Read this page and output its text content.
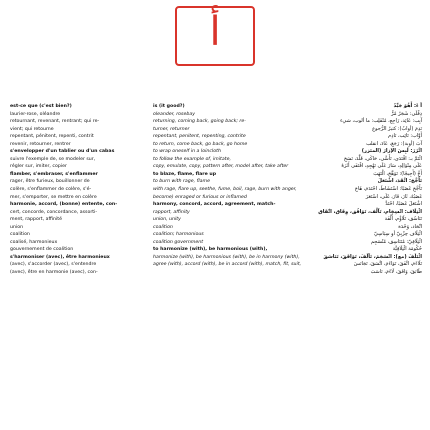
أ
est-ce que (c'est bien?)
laurier-rose, oléandre
retournant, revenant, rentrant; qui re-
vient; qui retourne
repentant, pénitent, repenti, contrit
revenir, retourner, rentrer
s'envelopper d'un tablier ou d'un cabas
suivre l'exemple de, se modeler sur,
régler sur, imiter, copier
flamber, s'embraser, s'enflammer
rager, être furieux, bouillonner de
colère, s'enflammer de colère, s'é-
mer, s'emporter, se mettre en colère
harmonie, accord, (bonne) entente, con-
cert, concorde, concordance, assorti-
ment, rapport, affinité
union
coalition
coalisé, harmonieux
gouvernement de coalition
s'harmoniser (avec), être harmonieux
(avec), s'accorder (avec), s'entendre
(avec), être en harmonie (avec), con-
is (it good?)
oleander, rosebay
returning, coming back, going back; re-
turner, returner
repentant, penitent, repenting, contrite
to return, come back, go back, go home
to wrap oneself in a loincloth
to follow the example of, imitate,
copy, emulate, copy, pattern after, model after, take after
to blaze, flame, flare up
to burn with rage, flame
with rage, flare up, seethe, fume, boil, rage, burn with anger,
become) enraged or furious or inflamed
harmony, concord, accord, agreement, match-
rapport, affinity
union, unity
coalition
coalition; harmonious
coalition government
to harmonize (with), be harmonious (with),
harmonize (with), be harmonious (with), be in harmony (with),
agree (with), accord (with), be in accord (with), match, fit, suit,
أ ءَ: أَهُوَ جَيِّدٌ
دِفْلَى: شَجَرٌ مُرٌّ
آيِب: عَائِد، رَاجِع، مُنْقَلِب: ما ألوب، شيء
نَدِمَ (أوابُ): كثيرُ الرُّجوع
أَوَّاب: تَائِب، نَادِم
آبَ (أوبة): رَجَعَ، عَادَ، انقلب
اتَّزَرَ: لَبِسَ الإزارَ (المئزر)
ائْتَمَّ بـ: اقْتَدَى، تَأَسَّى، حَاكَى، قَلَّدَ، نَسَجَ
عَلَى مِنْوَالِهِ، سَارَ عَلَى نَهْجِهِ، اقْتَفَى أَثَرَهُ
أَجَّ (أَجِيجًا): تَوَهَّجَ، الْتَهَبَ
تَأَجَّجَ: اتَّقَدَ، اشْتَعَلَ
تَأَجَّجَ غَضَبًا: اسْتَشَاطَ، احْتَدَمَ، هَاجَ
غَضَبُهُ، ثَارَ، فَارَ، غَلَى، اسْتَعَرَ
اشْتَعَلَ غَضَبًا، احْتَدَّ
ائْتِلَاف: انْسِجَام، تَآلُف، تَوَافُق، وِفَاق، اتِّفَاق
تَنَاسُق، تَلَاؤُم، أُلْفَة
اتِّحَاد، وَحْدَة
ائْتِلَاف حِزْبِيّ أو سِيَاسِيّ
ائْتِلَافِيّ: مُتَنَاسِق، مُنْسَجِم
حُكُومَة ائْتِلَافِيَّة
ائْتَلَفَ (مع): انْسَجَمَ، تَآلَفَ، تَوَافَقَ، تَنَاسَقَ
تَلَاءَمَ، اتَّفَقَ، تَوَاءَمَ، اتَّسَقَ، تَجَانَسَ
طَابَقَ، وَافَقَ، لَاءَمَ، نَاسَبَ
